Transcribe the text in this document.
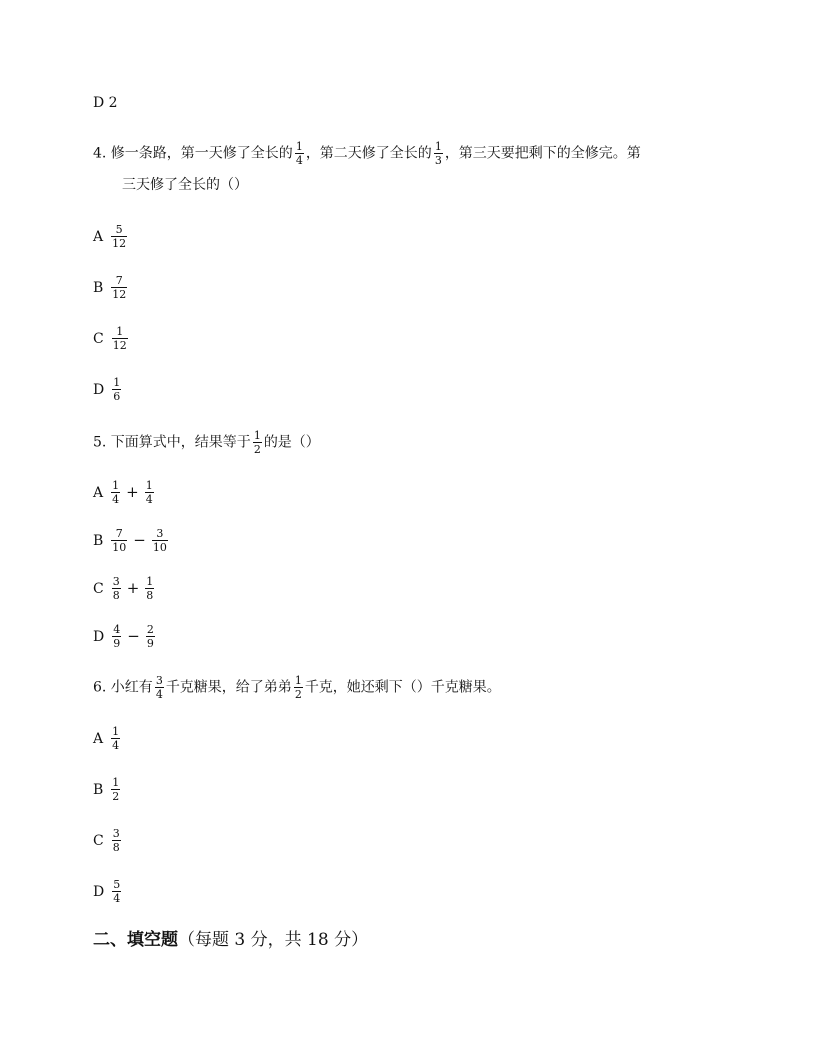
D 2
4. 修一条路，第一天修了全长的 $\frac{1}{4}$ ，第二天修了全长的 $\frac{1}{3}$ ，第三天要把剩下的全修完。第
三天修了全长的（）
A $\frac{5}{12}$
B $\frac{7}{12}$
C $\frac{1}{12}$
D $\frac{1}{6}$
5. 下面算式中，结果等于 $\frac{1}{2}$ 的是（）
A $\frac{1}{4} + \frac{1}{4}$
B $\frac{7}{10} - \frac{3}{10}$
C $\frac{3}{8} + \frac{1}{8}$
D $\frac{4}{9} - \frac{2}{9}$
6. 小红有 $\frac{3}{4}$ 千克糖果，给了弟弟 $\frac{1}{2}$ 千克，她还剩下（）千克糖果。
A $\frac{1}{4}$
B $\frac{1}{2}$
C $\frac{3}{8}$
D $\frac{5}{4}$
二、填空题（每题 3 分，共 18 分）
